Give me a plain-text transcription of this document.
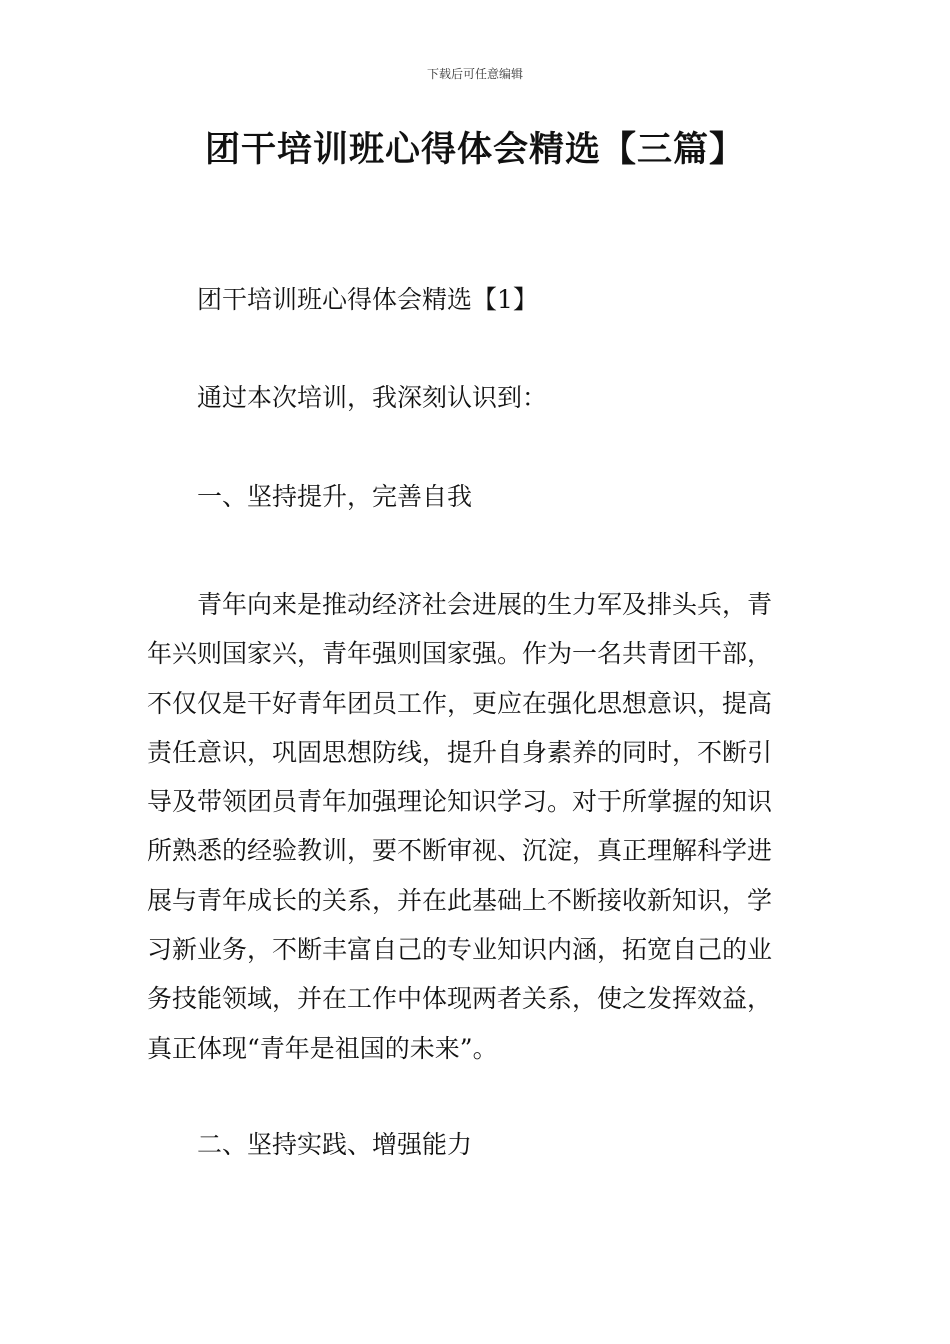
下载后可任意编辑
团干培训班心得体会精选【三篇】
团干培训班心得体会精选【1】
通过本次培训，我深刻认识到：
一、坚持提升，完善自我
青年向来是推动经济社会进展的生力军及排头兵，青
年兴则国家兴，青年强则国家强。作为一名共青团干部，
不仅仅是干好青年团员工作，更应在强化思想意识，提高
责任意识，巩固思想防线，提升自身素养的同时，不断引
导及带领团员青年加强理论知识学习。对于所掌握的知识
所熟悉的经验教训，要不断审视、沉淀，真正理解科学进
展与青年成长的关系，并在此基础上不断接收新知识，学
习新业务，不断丰富自己的专业知识内涵，拓宽自己的业
务技能领域，并在工作中体现两者关系，使之发挥效益，
真正体现“青年是祖国的未来”。
二、坚持实践、增强能力
